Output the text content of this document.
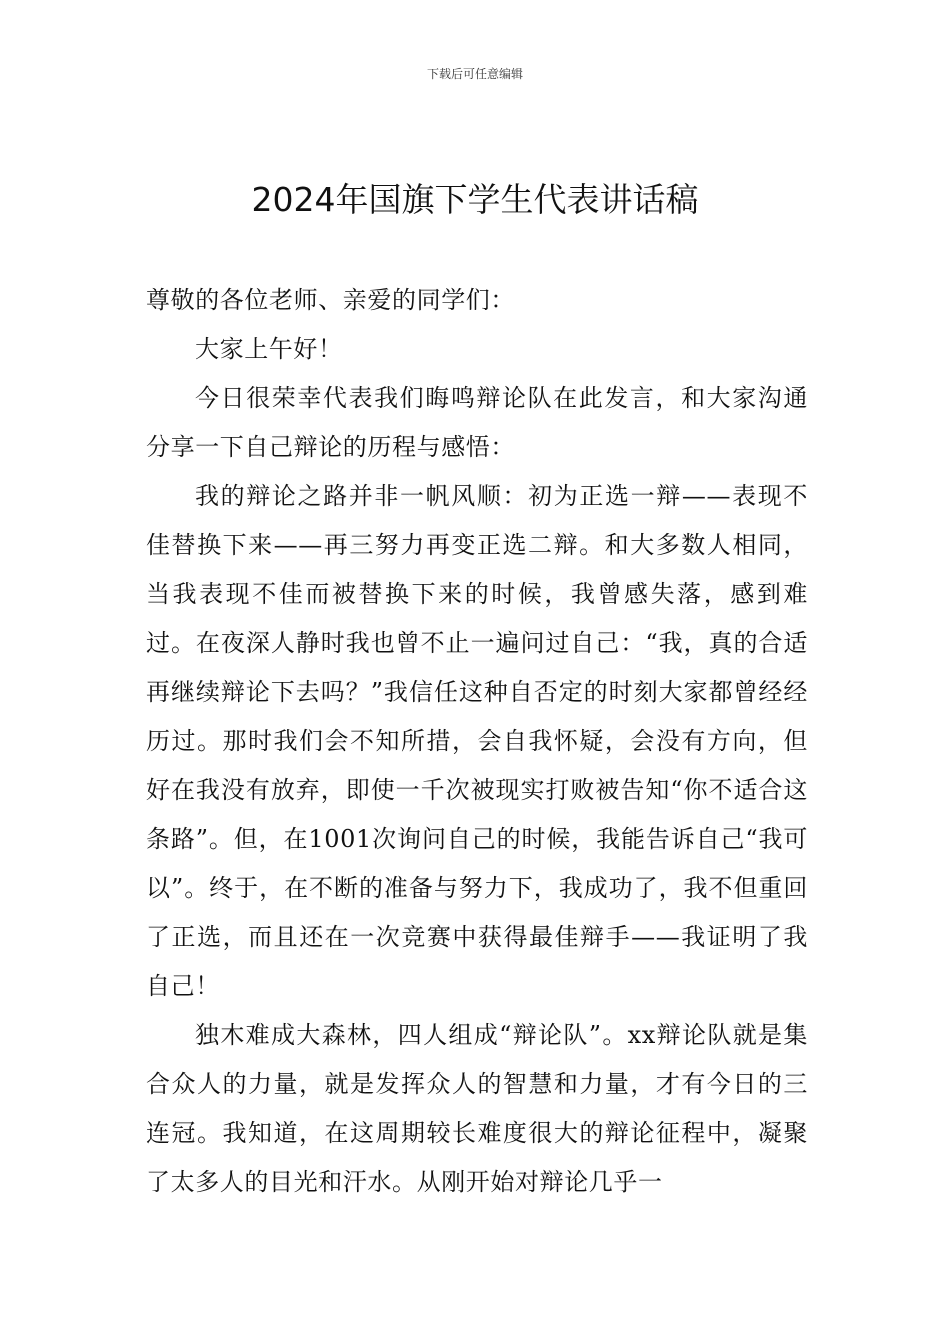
下载后可任意编辑
2024年国旗下学生代表讲话稿

尊敬的各位老师、亲爱的同学们：

大家上午好！

今日很荣幸代表我们晦鸣辩论队在此发言，和大家沟通分享一下自己辩论的历程与感悟：

我的辩论之路并非一帆风顺：初为正选一辩——表现不佳替换下来——再三努力再变正选二辩。和大多数人相同，当我表现不佳而被替换下来的时候，我曾感失落，感到难过。在夜深人静时我也曾不止一遍问过自己：“我，真的合适再继续辩论下去吗？”我信任这种自否定的时刻大家都曾经经历过。那时我们会不知所措，会自我怀疑，会没有方向，但好在我没有放弃，即使一千次被现实打败被告知“你不适合这条路”。但，在1001次询问自己的时候，我能告诉自己“我可以”。终于，在不断的准备与努力下，我成功了，我不但重回了正选，而且还在一次竞赛中获得最佳辩手——我证明了我自己！

独木难成大森林，四人组成“辩论队”。xx辩论队就是集合众人的力量，就是发挥众人的智慧和力量，才有今日的三连冠。我知道，在这周期较长难度很大的辩论征程中，凝聚了太多人的目光和汗水。从刚开始对辩论几乎一
